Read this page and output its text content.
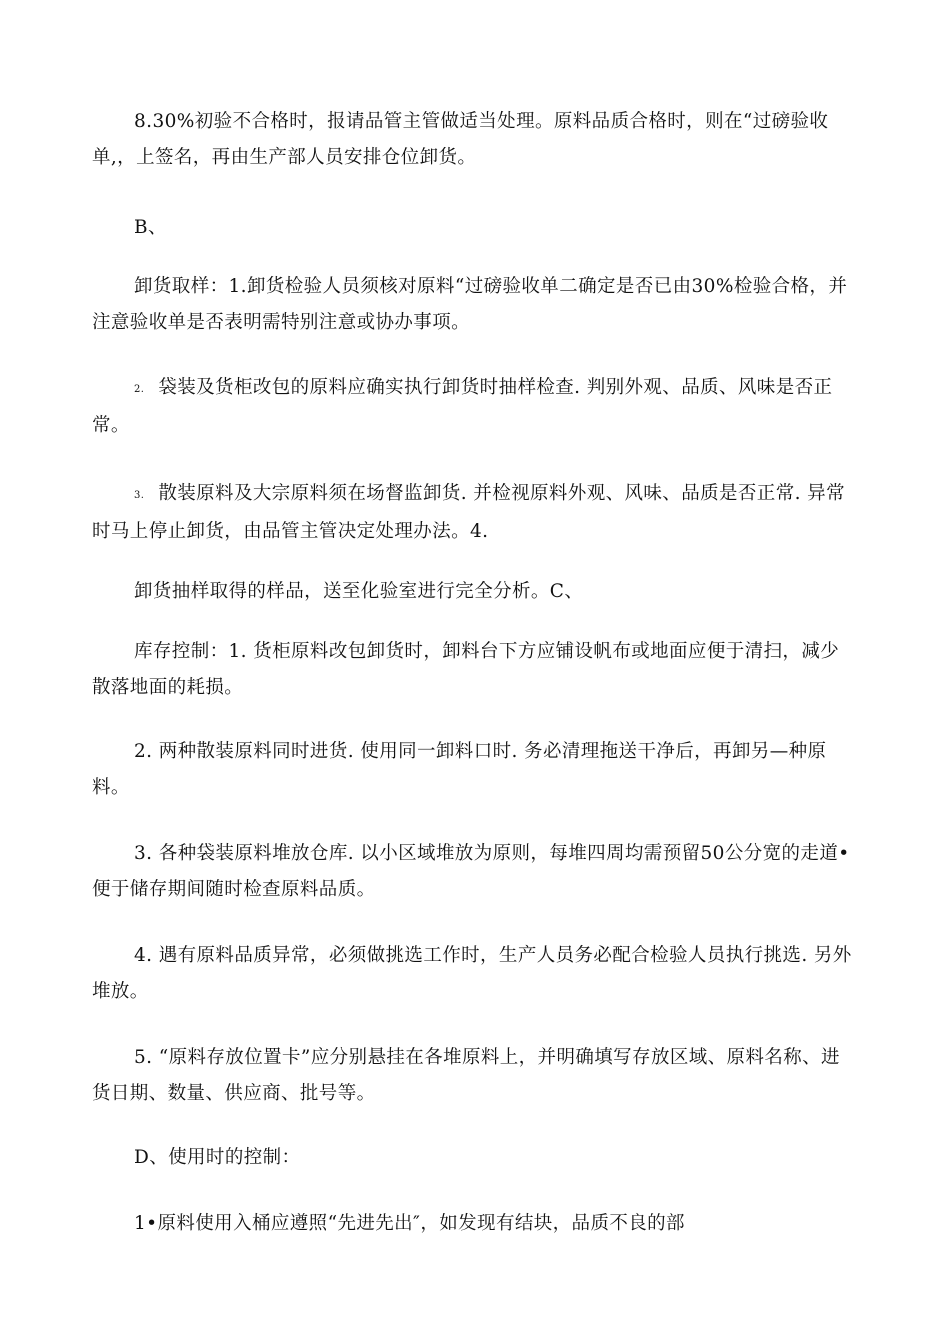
8.30%初验不合格时，报请品管主管做适当处理。原料品质合格时，则在“过磅验收单,，上签名，再由生产部人员安排仓位卸货。

B、

卸货取样：1.卸货检验人员须核对原料“过磅验收单二确定是否已由30%检验合格，并注意验收单是否表明需特别注意或协办事项。

2. 袋装及货柜改包的原料应确实执行卸货时抽样检查. 判别外观、品质、风味是否正常。

3. 散装原料及大宗原料须在场督监卸货. 并检视原料外观、风味、品质是否正常. 异常时马上停止卸货，由品管主管决定处理办法。4.

卸货抽样取得的样品，送至化验室进行完全分析。C、

库存控制：1. 货柜原料改包卸货时，卸料台下方应铺设帆布或地面应便于清扫，减少散落地面的耗损。

2. 两种散装原料同时进货. 使用同一卸料口时. 务必清理拖送干净后，再卸另—种原料。

3. 各种袋装原料堆放仓库. 以小区域堆放为原则，每堆四周均需预留50公分宽的走道•便于储存期间随时检查原料品质。

4. 遇有原料品质异常，必须做挑选工作时，生产人员务必配合检验人员执行挑选. 另外堆放。

5. “原料存放位置卡”应分别悬挂在各堆原料上，并明确填写存放区域、原料名称、进货日期、数量、供应商、批号等。

D、使用时的控制：

1•原料使用入桶应遵照“先进先出″，如发现有结块，品质不良的部
